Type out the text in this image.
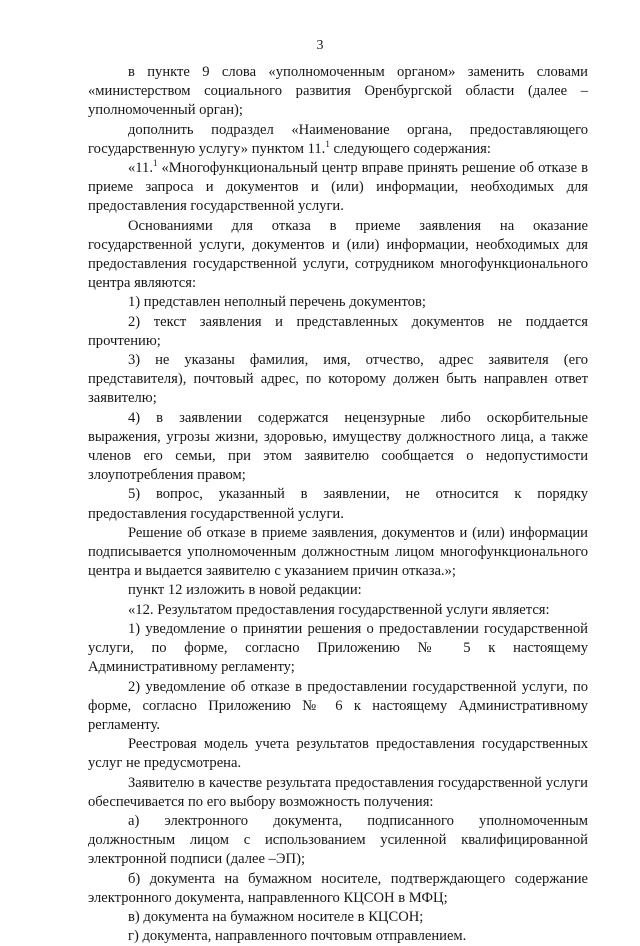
3

в пункте 9 слова «уполномоченным органом» заменить словами «министерством социального развития Оренбургской области (далее – уполномоченный орган);

дополнить подраздел «Наименование органа, предоставляющего государственную услугу» пунктом 11.$^1$ следующего содержания:

«11.$^1$ «Многофункциональный центр вправе принять решение об отказе в приеме запроса и документов и (или) информации, необходимых для предоставления государственной услуги.

Основаниями для отказа в приеме заявления на оказание государственной услуги, документов и (или) информации, необходимых для предоставления государственной услуги, сотрудником многофункционального центра являются:

1) представлен неполный перечень документов;

2) текст заявления и представленных документов не поддается прочтению;

3) не указаны фамилия, имя, отчество, адрес заявителя (его представителя), почтовый адрес, по которому должен быть направлен ответ заявителю;

4) в заявлении содержатся нецензурные либо оскорбительные выражения, угрозы жизни, здоровью, имуществу должностного лица, а также членов его семьи, при этом заявителю сообщается о недопустимости злоупотребления правом;

5) вопрос, указанный в заявлении, не относится к порядку предоставления государственной услуги.

Решение об отказе в приеме заявления, документов и (или) информации подписывается уполномоченным должностным лицом многофункционального центра и выдается заявителю с указанием причин отказа.»;

пункт 12 изложить в новой редакции:

«12. Результатом предоставления государственной услуги является:

1) уведомление о принятии решения о предоставлении государственной услуги, по форме, согласно Приложению № 5 к настоящему Административному регламенту;

2) уведомление об отказе в предоставлении государственной услуги, по форме, согласно Приложению № 6 к настоящему Административному регламенту.

Реестровая модель учета результатов предоставления государственных услуг не предусмотрена.

Заявителю в качестве результата предоставления государственной услуги обеспечивается по его выбору возможность получения:

а) электронного документа, подписанного уполномоченным должностным лицом с использованием усиленной квалифицированной электронной подписи (далее –ЭП);

б) документа на бумажном носителе, подтверждающего содержание электронного документа, направленного КЦСОН в МФЦ;

в) документа на бумажном носителе в КЦСОН;

г) документа, направленного почтовым отправлением.
